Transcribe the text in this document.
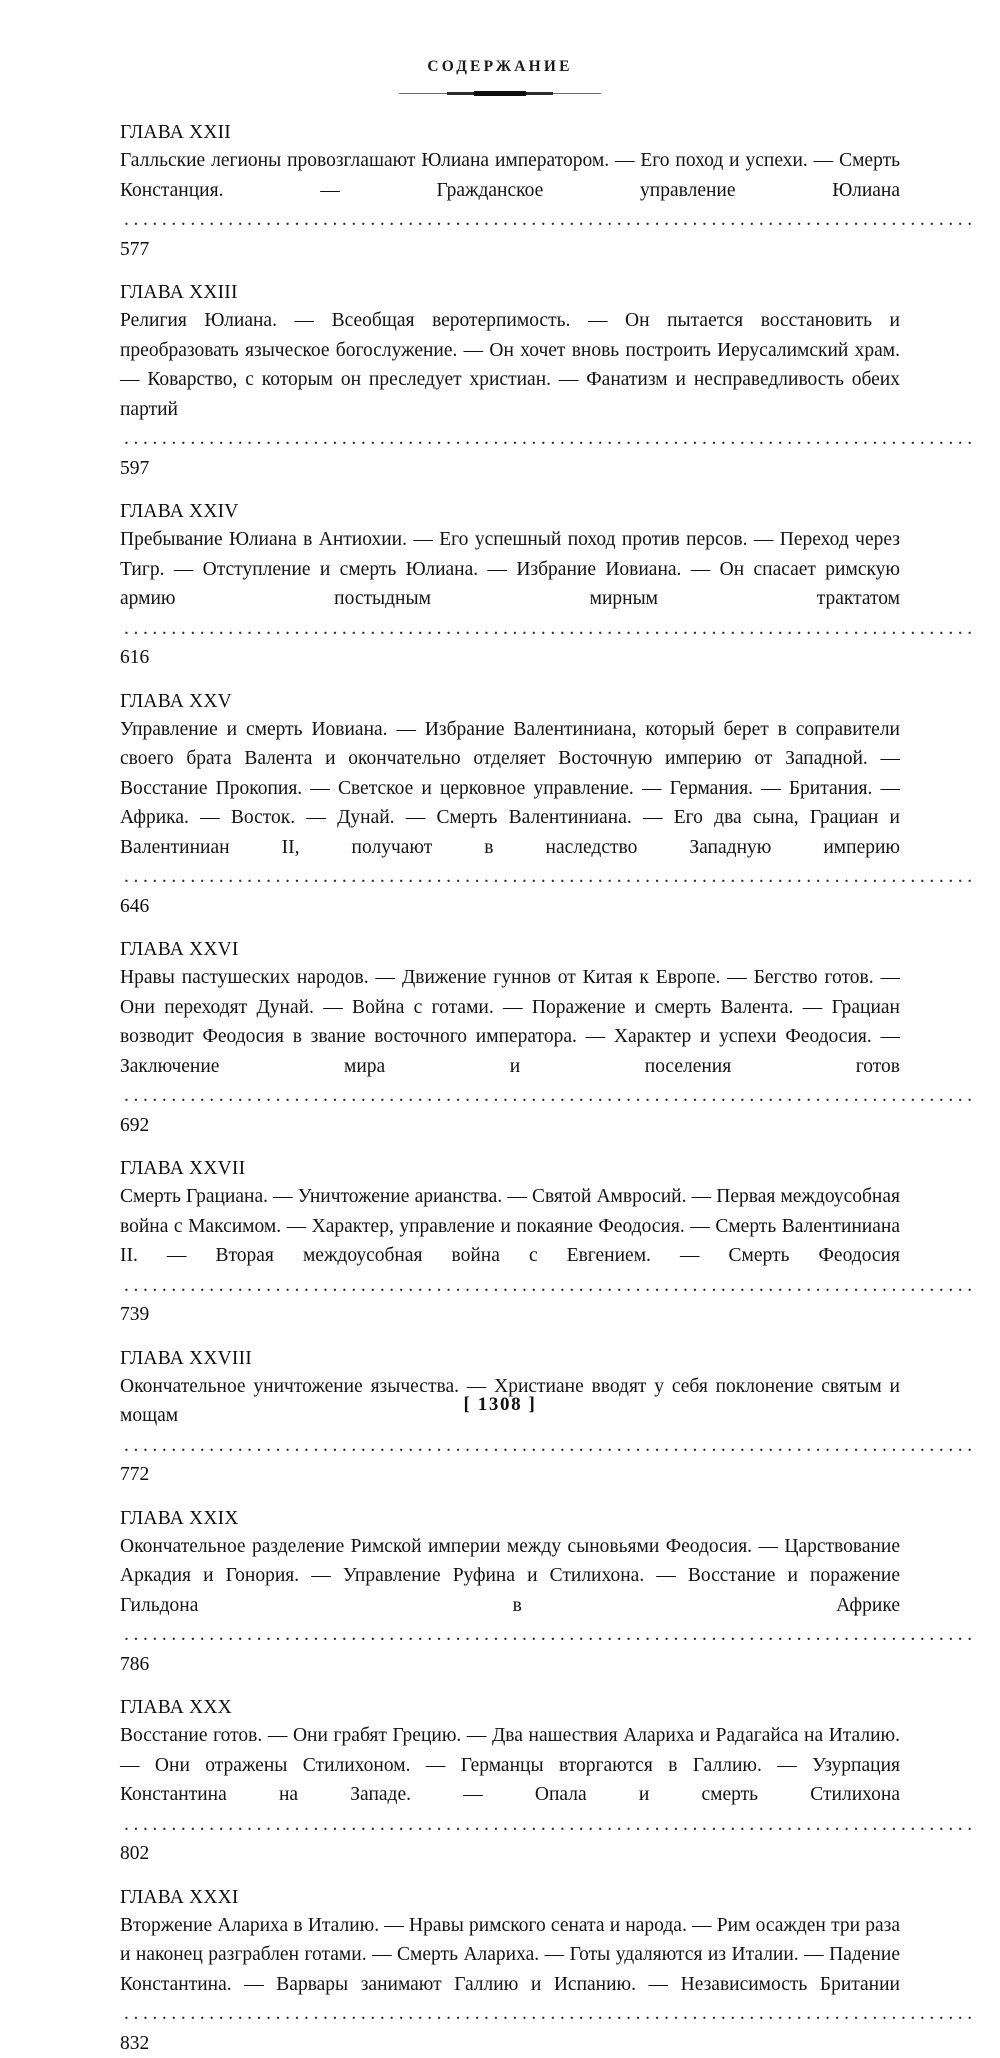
СОДЕРЖАНИЕ
ГЛАВА XXII
Галльские легионы провозглашают Юлиана императором. — Его поход и успехи. — Смерть Констанция. — Гражданское управление Юлиана..........................................................................................577
ГЛАВА XXIII
Религия Юлиана. — Всеобщая веротерпимость. — Он пытается восстановить и преобразовать языческое богослужение. — Он хочет вновь построить Иерусалимский храм. — Коварство, с которым он преследует христиан. — Фанатизм и несправедливость обеих партий..........................................................................................597
ГЛАВА XXIV
Пребывание Юлиана в Антиохии. — Его успешный поход против персов. — Переход через Тигр. — Отступление и смерть Юлиана. — Избрание Иовиана. — Он спасает римскую армию постыдным мирным трактатом..........................................................................................616
ГЛАВА XXV
Управление и смерть Иовиана. — Избрание Валентиниана, который берет в соправители своего брата Валента и окончательно отделяет Восточную империю от Западной. — Восстание Прокопия. — Светское и церковное управление. — Германия. — Британия. — Африка. — Восток. — Дунай. — Смерть Валентиниана. — Его два сына, Грациан и Валентиниан II, получают в наследство Западную империю..........................................................................................646
ГЛАВА XXVI
Нравы пастушеских народов. — Движение гуннов от Китая к Европе. — Бегство готов. — Они переходят Дунай. — Война с готами. — Поражение и смерть Валента. — Грациан возводит Феодосия в звание восточного императора. — Характер и успехи Феодосия. — Заключение мира и поселения готов..........................................................................................692
ГЛАВА XXVII
Смерть Грациана. — Уничтожение арианства. — Святой Амвросий. — Первая междоусобная война с Максимом. — Характер, управление и покаяние Феодосия. — Смерть Валентиниана II. — Вторая междоусобная война с Евгением. — Смерть Феодосия..........................................................................................739
ГЛАВА XXVIII
Окончательное уничтожение язычества. — Христиане вводят у себя поклонение святым и мощам..........................................................................................772
ГЛАВА XXIX
Окончательное разделение Римской империи между сыновьями Феодосия. — Царствование Аркадия и Гонория. — Управление Руфина и Стилихона. — Восстание и поражение Гильдона в Африке..........................................................................................786
ГЛАВА XXX
Восстание готов. — Они грабят Грецию. — Два нашествия Алариха и Радагайса на Италию. — Они отражены Стилихоном. — Германцы вторгаются в Галлию. — Узурпация Константина на Западе. — Опала и смерть Стилихона..........................................................................................802
ГЛАВА XXXI
Вторжение Алариха в Италию. — Нравы римского сената и народа. — Рим осажден три раза и наконец разграблен готами. — Смерть Алариха. — Готы удаляются из Италии. — Падение Константина. — Варвары занимают Галлию и Испанию. — Независимость Британии..........................................................................................832
[ 1308 ]
